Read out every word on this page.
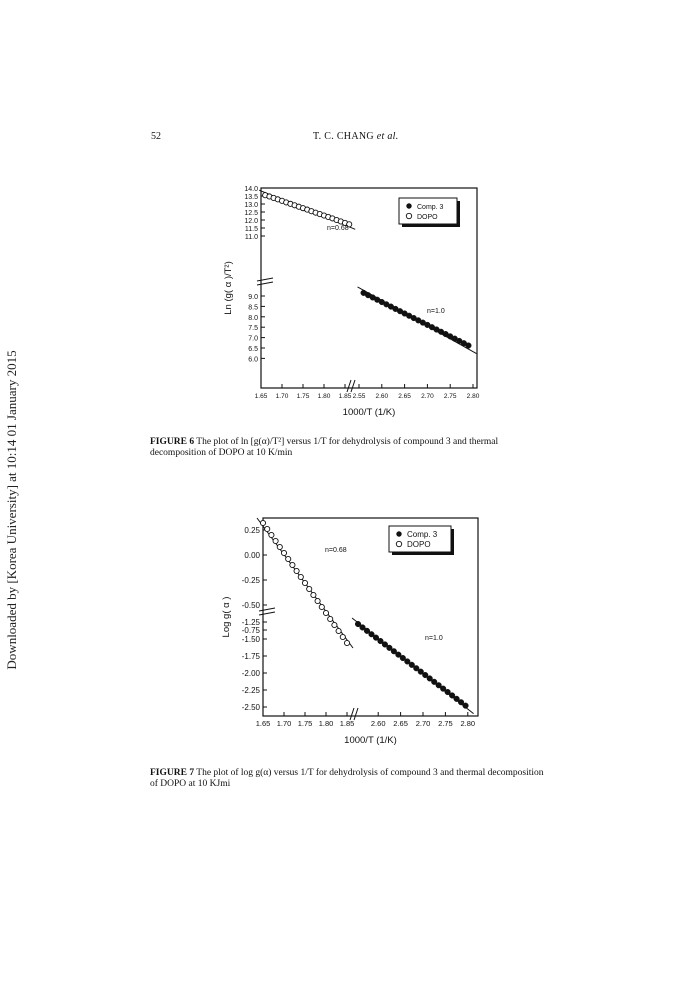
Downloaded by [Korea University] at 10:14 01 January 2015
52	T. C. CHANG et al.
14.0
13.5
13.0
12.5
12.0
11.5
11.0
9.0
8.5
8.0
7.5
7.0
6.5
6.0
1.65 1.70 1.75 1.80 1.85 2.55 2.60 2.65 2.70 2.75 2.80
Ln (g( α )/T²)
1000/T (1/K)
n=0.68
n=1.0
Comp. 3
DOPO
FIGURE 6 The plot of ln [g(α)/T²] versus 1/T for dehydrolysis of compound 3 and thermal decomposition of DOPO at 10 K/min
0.25
0.00
-0.25
-0.50
-0.75
-1.25
-1.50
-1.75
-2.00
-2.25
-2.50
1.65 1.70 1.75 1.80 1.85 2.60 2.65 2.70 2.75 2.80
Log g( α )
1000/T (1/K)
n=0.68
n=1.0
Comp. 3
DOPO
FIGURE 7 The plot of log g(α) versus 1/T for dehydrolysis of compound 3 and thermal decomposition of DOPO at 10 KJmi
